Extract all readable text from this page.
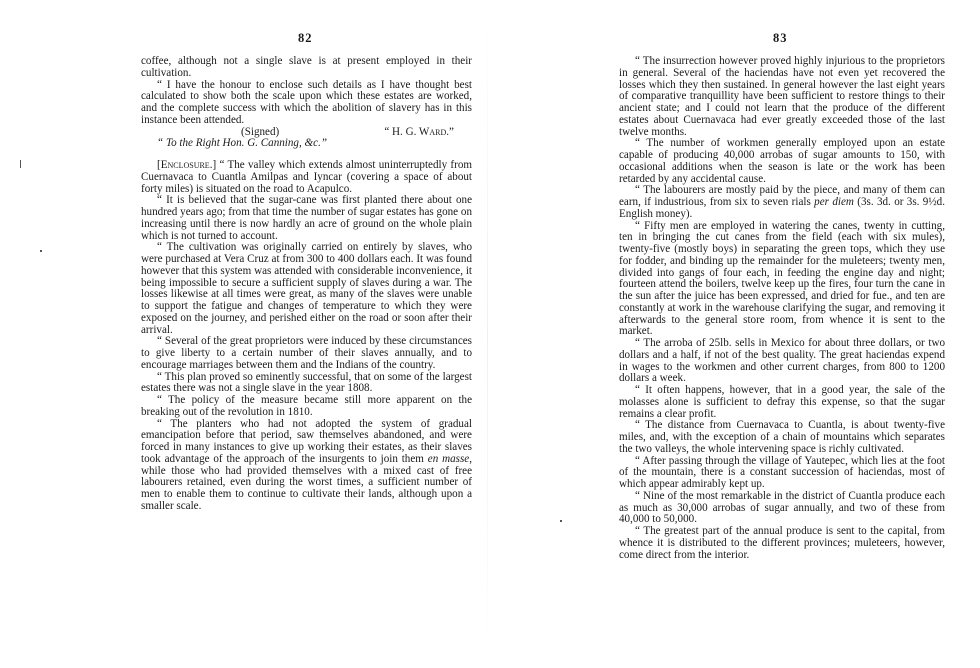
82

coffee, although not a single slave is at present employed in their cultivation.

“ I have the honour to enclose such details as I have thought best calculated to show both the scale upon which these estates are worked, and the complete success with which the abolition of slavery has in this instance been attended.

(Signed)	“ H. G. Ward.”

“ To the Right Hon. G. Canning, &c.”

[Enclosure.] “ The valley which extends almost uninterruptedly from Cuernavaca to Cuantla Amilpas and Iyncar (covering a space of about forty miles) is situated on the road to Acapulco.

“ It is believed that the sugar-cane was first planted there about one hundred years ago; from that time the number of sugar estates has gone on increasing until there is now hardly an acre of ground on the whole plain which is not turned to account.

“ The cultivation was originally carried on entirely by slaves, who were purchased at Vera Cruz at from 300 to 400 dollars each. It was found however that this system was attended with considerable inconvenience, it being impossible to secure a sufficient supply of slaves during a war. The losses likewise at all times were great, as many of the slaves were unable to support the fatigue and changes of temperature to which they were exposed on the journey, and perished either on the road or soon after their arrival.

“ Several of the great proprietors were induced by these circumstances to give liberty to a certain number of their slaves annually, and to encourage marriages between them and the Indians of the country.

“ This plan proved so eminently successful, that on some of the largest estates there was not a single slave in the year 1808.

“ The policy of the measure became still more apparent on the breaking out of the revolution in 1810.

“ The planters who had not adopted the system of gradual emancipation before that period, saw themselves abandoned, and were forced in many instances to give up working their estates, as their slaves took advantage of the approach of the insurgents to join them en masse, while those who had provided themselves with a mixed cast of free labourers retained, even during the worst times, a sufficient number of men to enable them to continue to cultivate their lands, although upon a smaller scale.

83

“ The insurrection however proved highly injurious to the proprietors in general. Several of the haciendas have not even yet recovered the losses which they then sustained. In general however the last eight years of comparative tranquillity have been sufficient to restore things to their ancient state; and I could not learn that the produce of the different estates about Cuernavaca had ever greatly exceeded those of the last twelve months.

“ The number of workmen generally employed upon an estate capable of producing 40,000 arrobas of sugar amounts to 150, with occasional additions when the season is late or the work has been retarded by any accidental cause.

“ The labourers are mostly paid by the piece, and many of them can earn, if industrious, from six to seven rials per diem (3s. 3d. or 3s. 9½d. English money).

“ Fifty men are employed in watering the canes, twenty in cutting, ten in bringing the cut canes from the field (each with six mules), twenty-five (mostly boys) in separating the green tops, which they use for fodder, and binding up the remainder for the muleteers; twenty men, divided into gangs of four each, in feeding the engine day and night; fourteen attend the boilers, twelve keep up the fires, four turn the cane in the sun after the juice has been expressed, and dried for fue., and ten are constantly at work in the warehouse clarifying the sugar, and removing it afterwards to the general store room, from whence it is sent to the market.

“ The arroba of 25lb. sells in Mexico for about three dollars, or two dollars and a half, if not of the best quality. The great haciendas expend in wages to the workmen and other current charges, from 800 to 1200 dollars a week.

“ It often happens, however, that in a good year, the sale of the molasses alone is sufficient to defray this expense, so that the sugar remains a clear profit.

“ The distance from Cuernavaca to Cuantla, is about twenty-five miles, and, with the exception of a chain of mountains which separates the two valleys, the whole intervening space is richly cultivated.

“ After passing through the village of Yautepec, which lies at the foot of the mountain, there is a constant succession of haciendas, most of which appear admirably kept up.

“ Nine of the most remarkable in the district of Cuantla produce each as much as 30,000 arrobas of sugar annually, and two of these from 40,000 to 50,000.

“ The greatest part of the annual produce is sent to the capital, from whence it is distributed to the different provinces; muleteers, however, come direct from the interior.
